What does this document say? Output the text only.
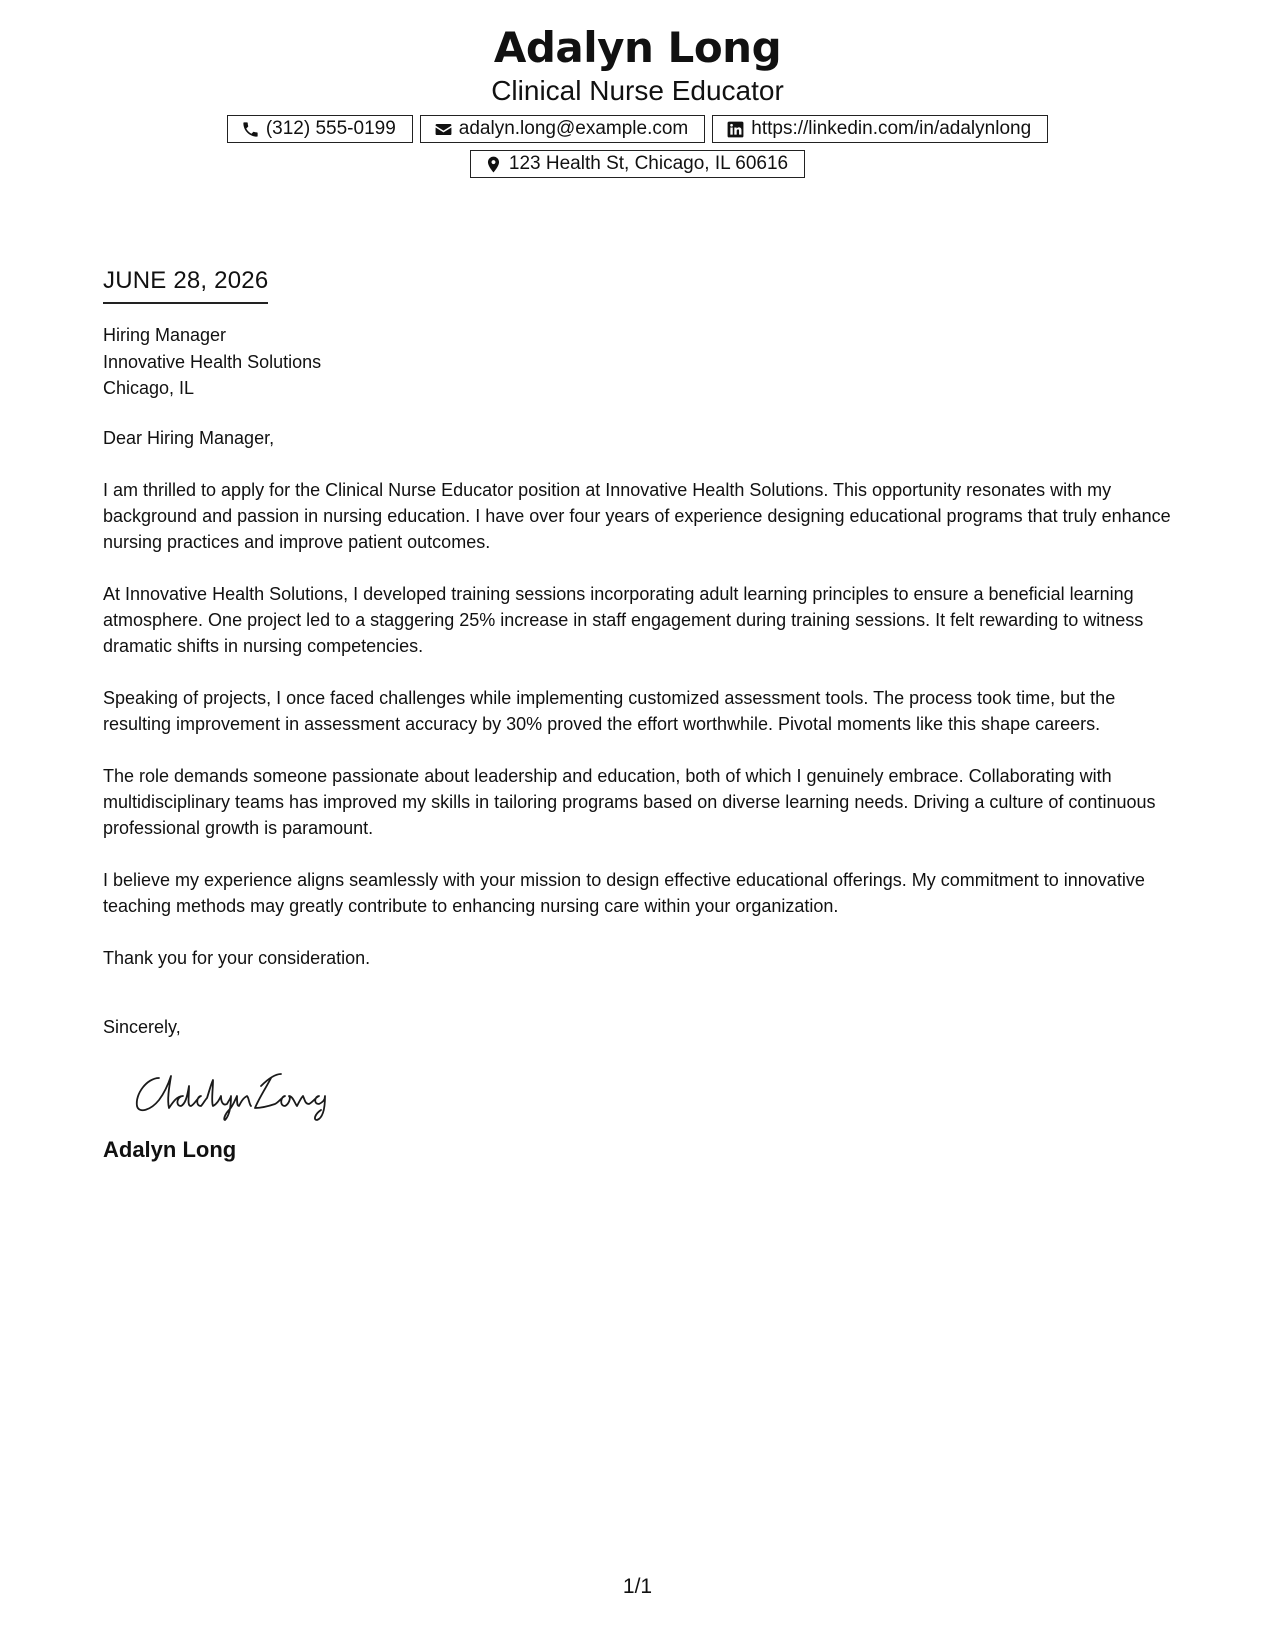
Adalyn Long
Clinical Nurse Educator
(312) 555-0199	adalyn.long@example.com	https://linkedin.com/in/adalynlong
123 Health St, Chicago, IL 60616
JUNE 28, 2026
Hiring Manager
Innovative Health Solutions
Chicago, IL
Dear Hiring Manager,

I am thrilled to apply for the Clinical Nurse Educator position at Innovative Health Solutions. This opportunity resonates with my background and passion in nursing education. I have over four years of experience designing educational programs that truly enhance nursing practices and improve patient outcomes.

At Innovative Health Solutions, I developed training sessions incorporating adult learning principles to ensure a beneficial learning atmosphere. One project led to a staggering 25% increase in staff engagement during training sessions. It felt rewarding to witness dramatic shifts in nursing competencies.

Speaking of projects, I once faced challenges while implementing customized assessment tools. The process took time, but the resulting improvement in assessment accuracy by 30% proved the effort worthwhile. Pivotal moments like this shape careers.

The role demands someone passionate about leadership and education, both of which I genuinely embrace. Collaborating with multidisciplinary teams has improved my skills in tailoring programs based on diverse learning needs. Driving a culture of continuous professional growth is paramount.

I believe my experience aligns seamlessly with your mission to design effective educational offerings. My commitment to innovative teaching methods may greatly contribute to enhancing nursing care within your organization.

Thank you for your consideration.
Sincerely,
Adalyn Long
1/1
